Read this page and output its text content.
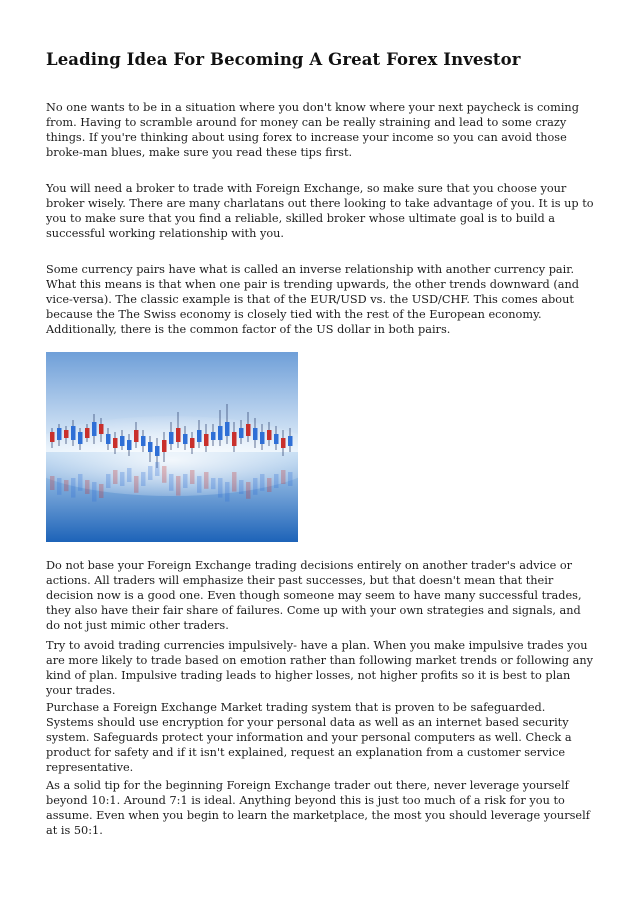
Leading Idea For Becoming A Great Forex Investor

No one wants to be in a situation where you don't know where your next paycheck is coming from. Having to scramble around for money can be really straining and lead to some crazy things. If you're thinking about using forex to increase your income so you can avoid those broke-man blues, make sure you read these tips first.

You will need a broker to trade with Foreign Exchange, so make sure that you choose your broker wisely. There are many charlatans out there looking to take advantage of you. It is up to you to make sure that you find a reliable, skilled broker whose ultimate goal is to build a successful working relationship with you.

Some currency pairs have what is called an inverse relationship with another currency pair. What this means is that when one pair is trending upwards, the other trends downward (and vice-versa). The classic example is that of the EUR/USD vs. the USD/CHF. This comes about because the The Swiss economy is closely tied with the rest of the European economy. Additionally, there is the common factor of the US dollar in both pairs.

Do not base your Foreign Exchange trading decisions entirely on another trader's advice or actions. All traders will emphasize their past successes, but that doesn't mean that their decision now is a good one. Even though someone may seem to have many successful trades, they also have their fair share of failures. Come up with your own strategies and signals, and do not just mimic other traders.

Try to avoid trading currencies impulsively- have a plan. When you make impulsive trades you are more likely to trade based on emotion rather than following market trends or following any kind of plan. Impulsive trading leads to higher losses, not higher profits so it is best to plan your trades.

Purchase a Foreign Exchange Market trading system that is proven to be safeguarded. Systems should use encryption for your personal data as well as an internet based security system. Safeguards protect your information and your personal computers as well. Check a product for safety and if it isn't explained, request an explanation from a customer service representative.

As a solid tip for the beginning Foreign Exchange trader out there, never leverage yourself beyond 10:1. Around 7:1 is ideal. Anything beyond this is just too much of a risk for you to assume. Even when you begin to learn the marketplace, the most you should leverage yourself at is 50:1.
